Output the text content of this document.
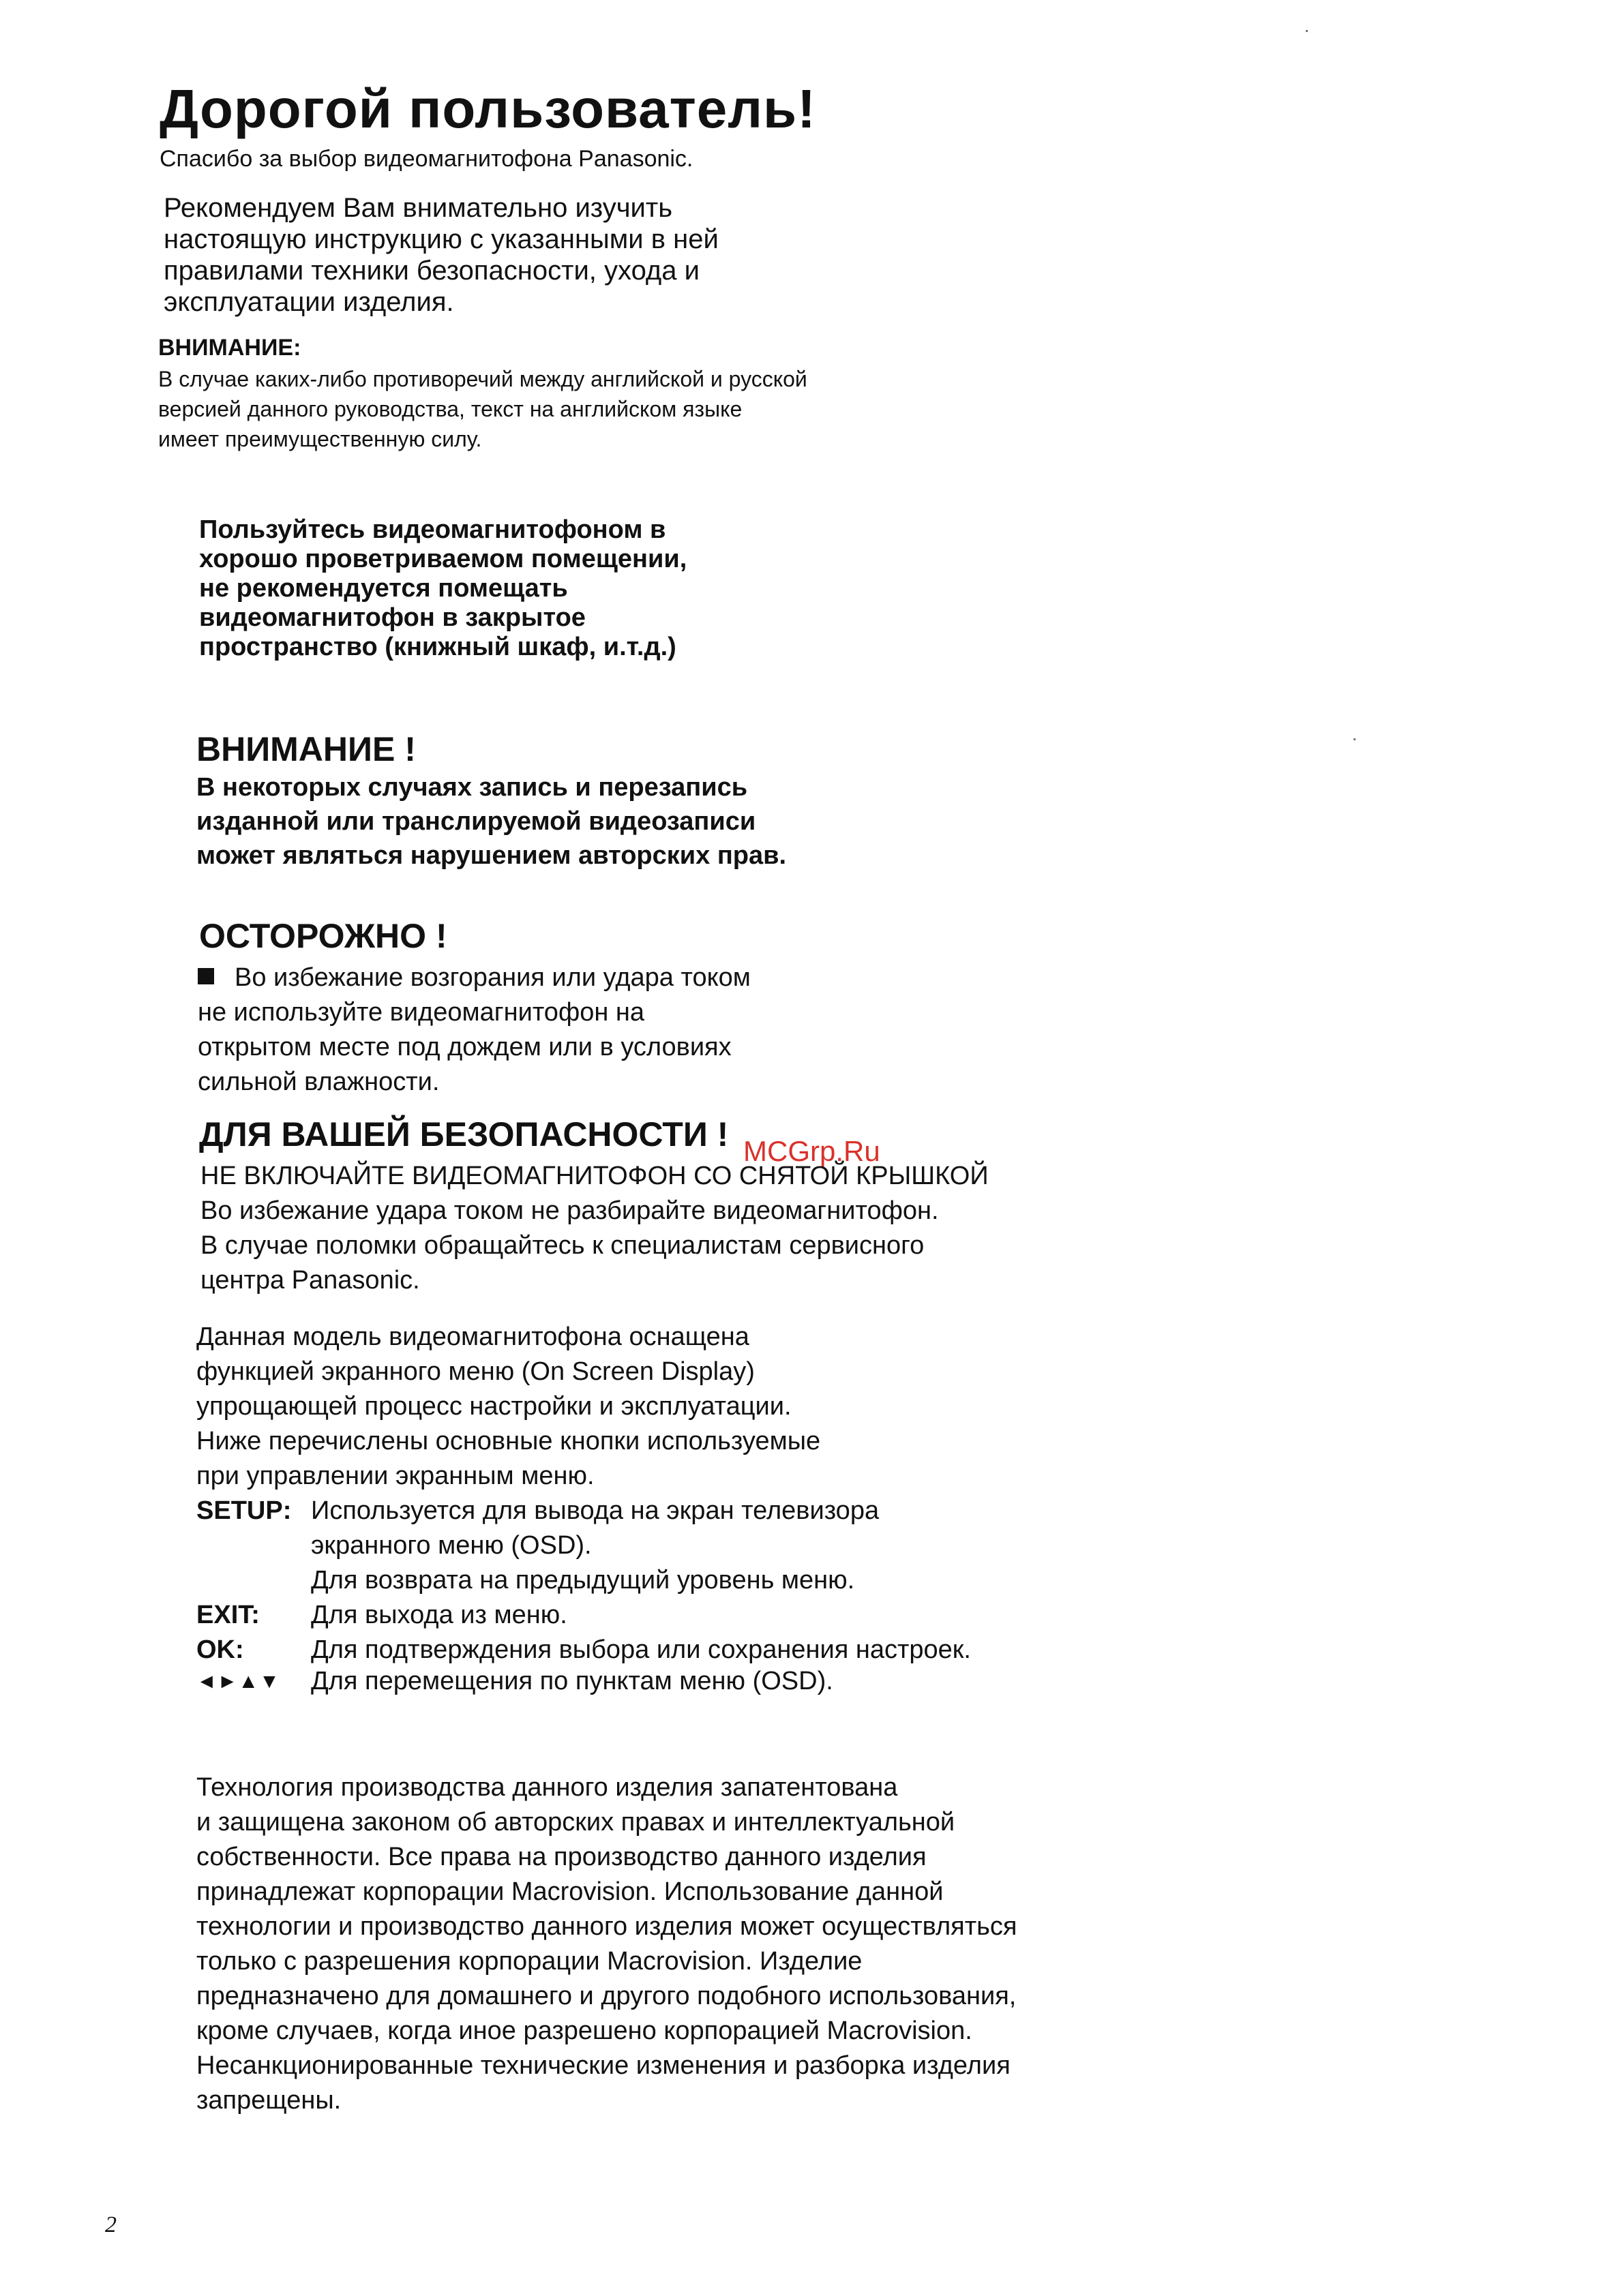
Дорогой пользователь!
Спасибо за выбор видеомагнитофона Panasonic.
Рекомендуем Вам внимательно изучить
настоящую инструкцию с указанными в ней
правилами техники безопасности, ухода и
эксплуатации изделия.
ВНИМАНИЕ:
В случае каких-либо противоречий между английской и русской
версией данного руководства, текст на английском языке
имеет преимущественную силу.
Пользуйтесь видеомагнитофоном в
хорошо проветриваемом помещении,
не рекомендуется помещать
видеомагнитофон в закрытое
пространство (книжный шкаф, и.т.д.)
ВНИМАНИЕ !
В некоторых случаях запись и перезапись
изданной или транслируемой видеозаписи
может являться нарушением авторских прав.
ОСТОРОЖНО !
Во избежание возгорания или удара током
не используйте видеомагнитофон на
открытом месте под дождем или в условиях
сильной влажности.
ДЛЯ ВАШЕЙ БЕЗОПАСНОСТИ ! MCGrp.Ru
НЕ ВКЛЮЧАЙТЕ ВИДЕОМАГНИТОФОН СО СНЯТОЙ КРЫШКОЙ
Во избежание удара током не разбирайте видеомагнитофон.
В случае поломки обращайтесь к специалистам сервисного
центра Panasonic.
Данная модель видеомагнитофона оснащена
функцией экранного меню (On Screen Display)
упрощающей процесс настройки и эксплуатации.
Ниже перечислены основные кнопки используемые
при управлении экранным меню.
SETUP: Используется для вывода на экран телевизора
экранного меню (OSD).
Для возврата на предыдущий уровень меню.
EXIT: Для выхода из меню.
OK:	Для подтверждения выбора или сохранения настроек.
◄►▲▼ Для перемещения по пунктам меню (OSD).
Технология производства данного изделия запатентована
и защищена законом об авторских правах и интеллектуальной
собственности. Все права на производство данного изделия
принадлежат корпорации Macrovision. Использование данной
технологии и производство данного изделия может осуществляться
только с разрешения корпорации Macrovision. Изделие
предназначено для домашнего и другого подобного использования,
кроме случаев, когда иное разрешено корпорацией Macrovision.
Несанкционированные технические изменения и разборка изделия
запрещены.
2
